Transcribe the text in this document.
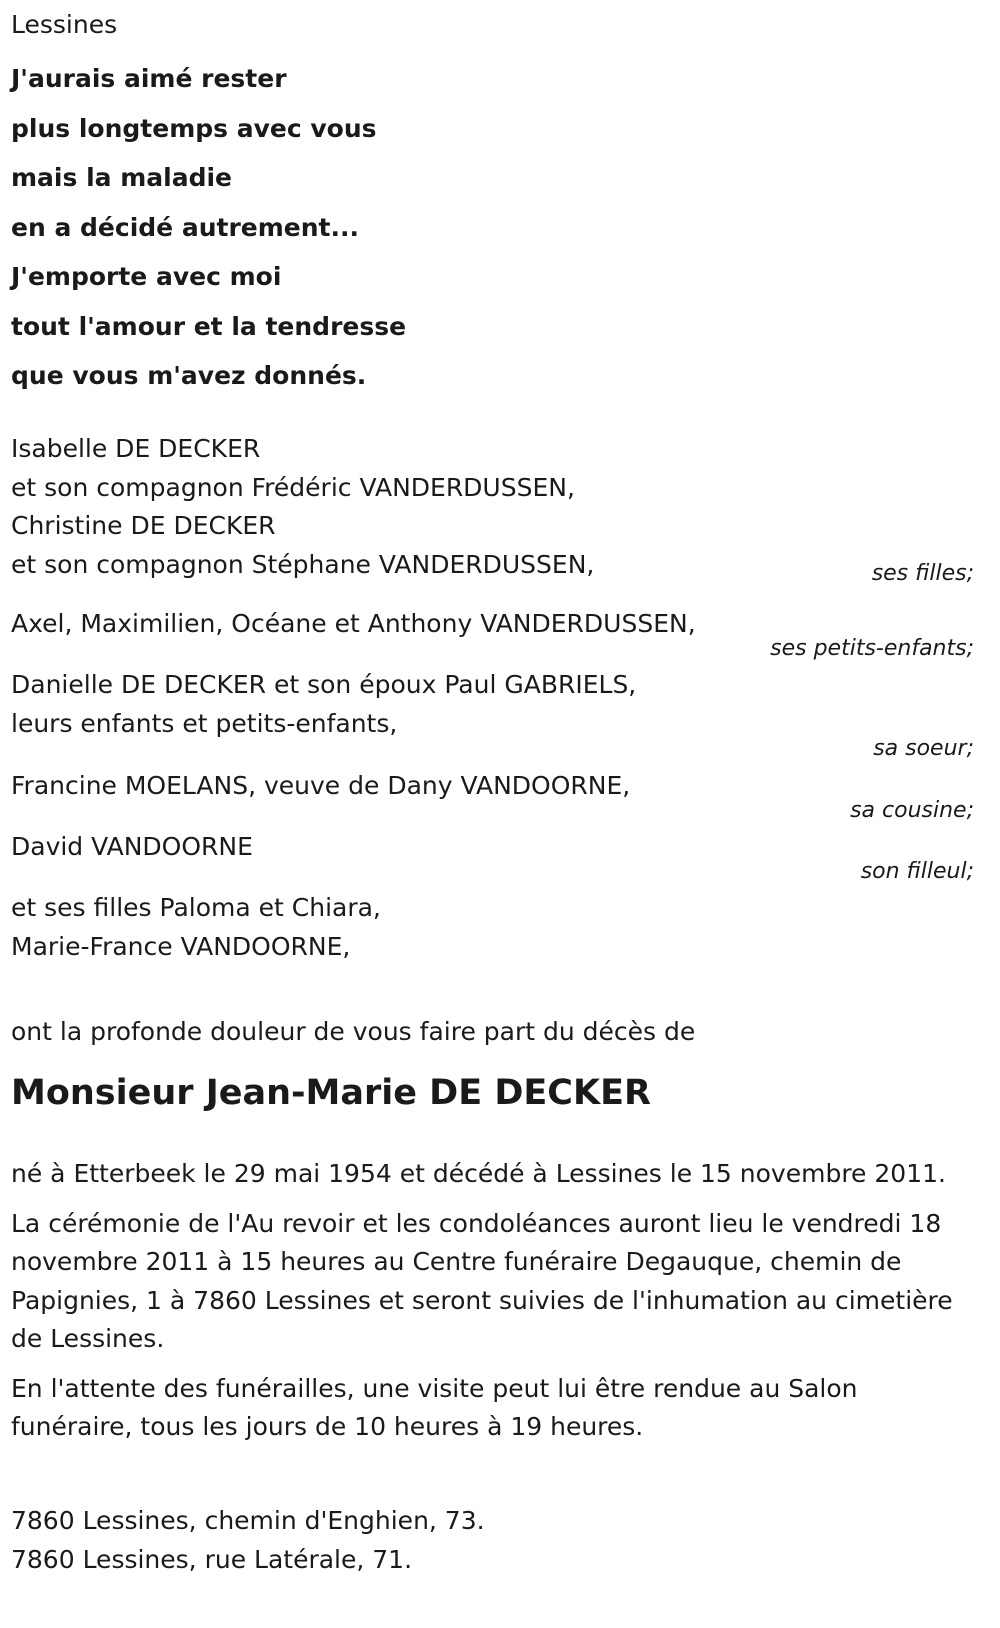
Lessines
J'aurais aimé rester
plus longtemps avec vous
mais la maladie
en a décidé autrement...
J'emporte avec moi
tout l'amour et la tendresse
que vous m'avez donnés.
Isabelle DE DECKER
et son compagnon Frédéric VANDERDUSSEN,
Christine DE DECKER
et son compagnon Stéphane VANDERDUSSEN,	ses filles;
Axel, Maximilien, Océane et Anthony VANDERDUSSEN,
ses petits-enfants;
Danielle DE DECKER et son époux Paul GABRIELS,
leurs enfants et petits-enfants,
sa soeur;
Francine MOELANS, veuve de Dany VANDOORNE,
sa cousine;
David VANDOORNE
son filleul;
et ses filles Paloma et Chiara,
Marie-France VANDOORNE,
ont la profonde douleur de vous faire part du décès de
Monsieur Jean-Marie DE DECKER

né à Etterbeek le 29 mai 1954 et décédé à Lessines le 15 novembre 2011.

La cérémonie de l'Au revoir et les condoléances auront lieu le vendredi 18 novembre 2011 à 15 heures au Centre funéraire Degauque, chemin de Papignies, 1 à 7860 Lessines et seront suivies de l'inhumation au cimetière de Lessines.

En l'attente des funérailles, une visite peut lui être rendue au Salon funéraire, tous les jours de 10 heures à 19 heures.

7860 Lessines, chemin d'Enghien, 73.
7860 Lessines, rue Latérale, 71.
